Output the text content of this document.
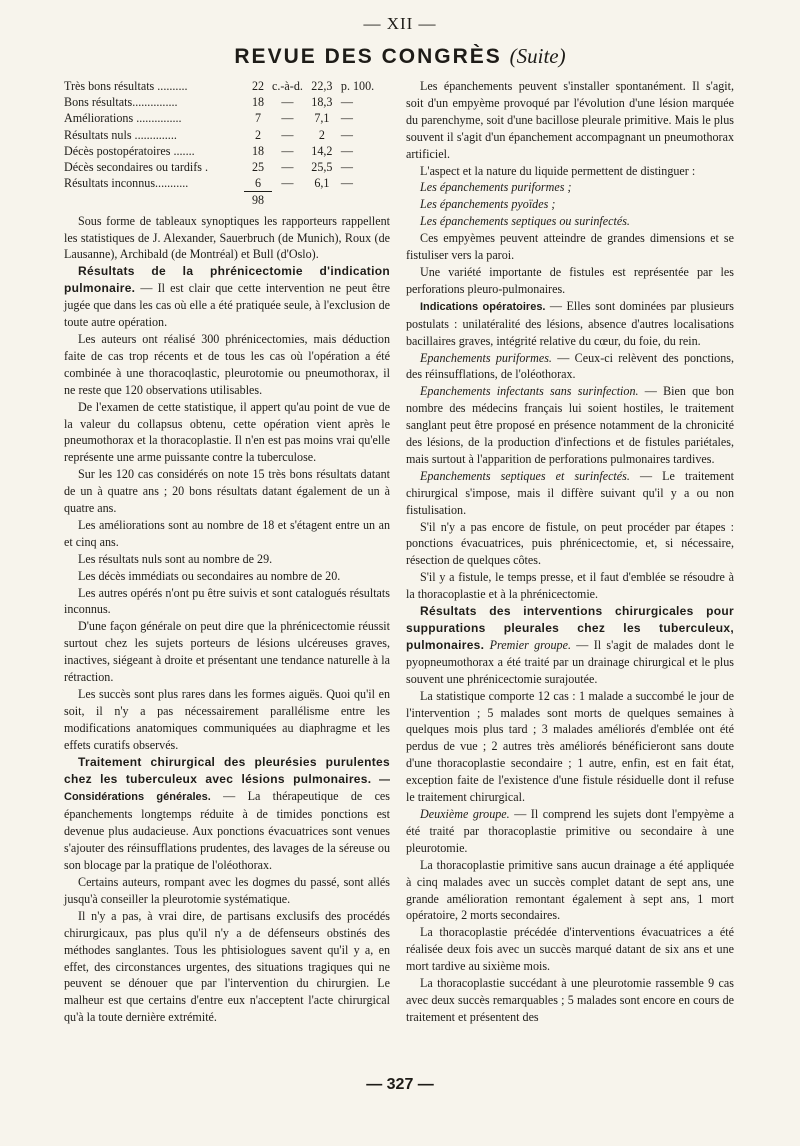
— XII —
REVUE DES CONGRÈS (Suite)
Très bons résultats ..........	22	c.-à-d.	22,3	p. 100.
Bons résultats...............	18	—	18,3	—
Améliorations ...............	7	—	7,1	—
Résultats nuls ..............	2	—	2	—
Décès postopératoires .......	18	—	14,2	—
Décès secondaires ou tardifs .	25	—	25,5	—
Résultats inconnus...........	6	—	6,1	—
	98			

Sous forme de tableaux synoptiques les rapporteurs rappellent les statistiques de J. Alexander, Sauerbruch (de Munich), Roux (de Lausanne), Archibald (de Montréal) et Bull (d'Oslo).

Résultats de la phrénicectomie d'indication pulmonaire. — Il est clair que cette intervention ne peut être jugée que dans les cas où elle a été pratiquée seule, à l'exclusion de toute autre opération.

Les auteurs ont réalisé 300 phrénicectomies, mais déduction faite de cas trop récents et de tous les cas où l'opération a été combinée à une thoracoqlastic, pleurotomie ou pneumothorax, il ne reste que 120 observations utilisables.

De l'examen de cette statistique, il appert qu'au point de vue de la valeur du collapsus obtenu, cette opération vient après le pneumothorax et la thoracoplastie. Il n'en est pas moins vrai qu'elle représente une arme puissante contre la tuberculose.

Sur les 120 cas considérés on note 15 très bons résultats datant de un à quatre ans ; 20 bons résultats datant également de un à quatre ans.

Les améliorations sont au nombre de 18 et s'étagent entre un an et cinq ans.

Les résultats nuls sont au nombre de 29.

Les décès immédiats ou secondaires au nombre de 20.

Les autres opérés n'ont pu être suivis et sont catalogués résultats inconnus.

D'une façon générale on peut dire que la phrénicectomie réussit surtout chez les sujets porteurs de lésions ulcéreuses graves, inactives, siégeant à droite et présentant une tendance naturelle à la rétraction.

Les succès sont plus rares dans les formes aiguës. Quoi qu'il en soit, il n'y a pas nécessairement parallélisme entre les modifications anatomiques communiquées au diaphragme et les effets curatifs observés.

Traitement chirurgical des pleurésies purulentes chez les tuberculeux avec lésions pulmonaires. — Considérations générales. — La thérapeutique de ces épanchements longtemps réduite à de timides ponctions est devenue plus audacieuse. Aux ponctions évacuatrices sont venues s'ajouter des réinsufflations prudentes, des lavages de la séreuse ou son blocage par la pratique de l'oléothorax.

Certains auteurs, rompant avec les dogmes du passé, sont allés jusqu'à conseiller la pleurotomie systématique.

Il n'y a pas, à vrai dire, de partisans exclusifs des procédés chirurgicaux, pas plus qu'il n'y a de défenseurs obstinés des méthodes sanglantes. Tous les phtisiologues savent qu'il y a, en effet, des circonstances urgentes, des situations tragiques qui ne peuvent se dénouer que par l'intervention du chirurgien. Le malheur est que certains d'entre eux n'acceptent l'acte chirurgical qu'à la toute dernière extrémité.

Les épanchements peuvent s'installer spontanément. Il s'agit, soit d'un empyème provoqué par l'évolution d'une lésion marquée du parenchyme, soit d'une bacillose pleurale primitive. Mais le plus souvent il s'agit d'un épanchement accompagnant un pneumothorax artificiel.

L'aspect et la nature du liquide permettent de distinguer :

Les épanchements puriformes ;

Les épanchements pyoïdes ;

Les épanchements septiques ou surinfectés.

Ces empyèmes peuvent atteindre de grandes dimensions et se fistuliser vers la paroi.

Une variété importante de fistules est représentée par les perforations pleuro-pulmonaires.

Indications opératoires. — Elles sont dominées par plusieurs postulats : unilatéralité des lésions, absence d'autres localisations bacillaires graves, intégrité relative du cœur, du foie, du rein.

Epanchements puriformes. — Ceux-ci relèvent des ponctions, des réinsufflations, de l'oléothorax.

Epanchements infectants sans surinfection. — Bien que bon nombre des médecins français lui soient hostiles, le traitement sanglant peut être proposé en présence notamment de la chronicité des lésions, de la production d'infections et de fistules pariétales, mais surtout à l'apparition de perforations pulmonaires tardives.

Epanchements septiques et surinfectés. — Le traitement chirurgical s'impose, mais il diffère suivant qu'il y a ou non fistulisation.

S'il n'y a pas encore de fistule, on peut procéder par étapes : ponctions évacuatrices, puis phrénicectomie, et, si nécessaire, résection de quelques côtes.

S'il y a fistule, le temps presse, et il faut d'emblée se résoudre à la thoracoplastie et à la phrénicectomie.

Résultats des interventions chirurgicales pour suppurations pleurales chez les tuberculeux, pulmonaires. Premier groupe. — Il s'agit de malades dont le pyopneumothorax a été traité par un drainage chirurgical et le plus souvent une phrénicectomie surajoutée.

La statistique comporte 12 cas : 1 malade a succombé le jour de l'intervention ; 5 malades sont morts de quelques semaines à quelques mois plus tard ; 3 malades améliorés d'emblée ont été perdus de vue ; 2 autres très améliorés bénéficieront sans doute d'une thoracoplastie secondaire ; 1 autre, enfin, est en fait état, exception faite de l'existence d'une fistule résiduelle dont il refuse le traitement chirurgical.

Deuxième groupe. — Il comprend les sujets dont l'empyème a été traité par thoracoplastie primitive ou secondaire à une pleurotomie.

La thoracoplastie primitive sans aucun drainage a été appliquée à cinq malades avec un succès complet datant de sept ans, une grande amélioration remontant également à sept ans, 1 mort opératoire, 2 morts secondaires.

La thoracoplastie précédée d'interventions évacuatrices a été réalisée deux fois avec un succès marqué datant de six ans et une mort tardive au sixième mois.

La thoracoplastie succédant à une pleurotomie rassemble 9 cas avec deux succès remarquables ; 5 malades sont encore en cours de traitement et présentent des

— 327 —
